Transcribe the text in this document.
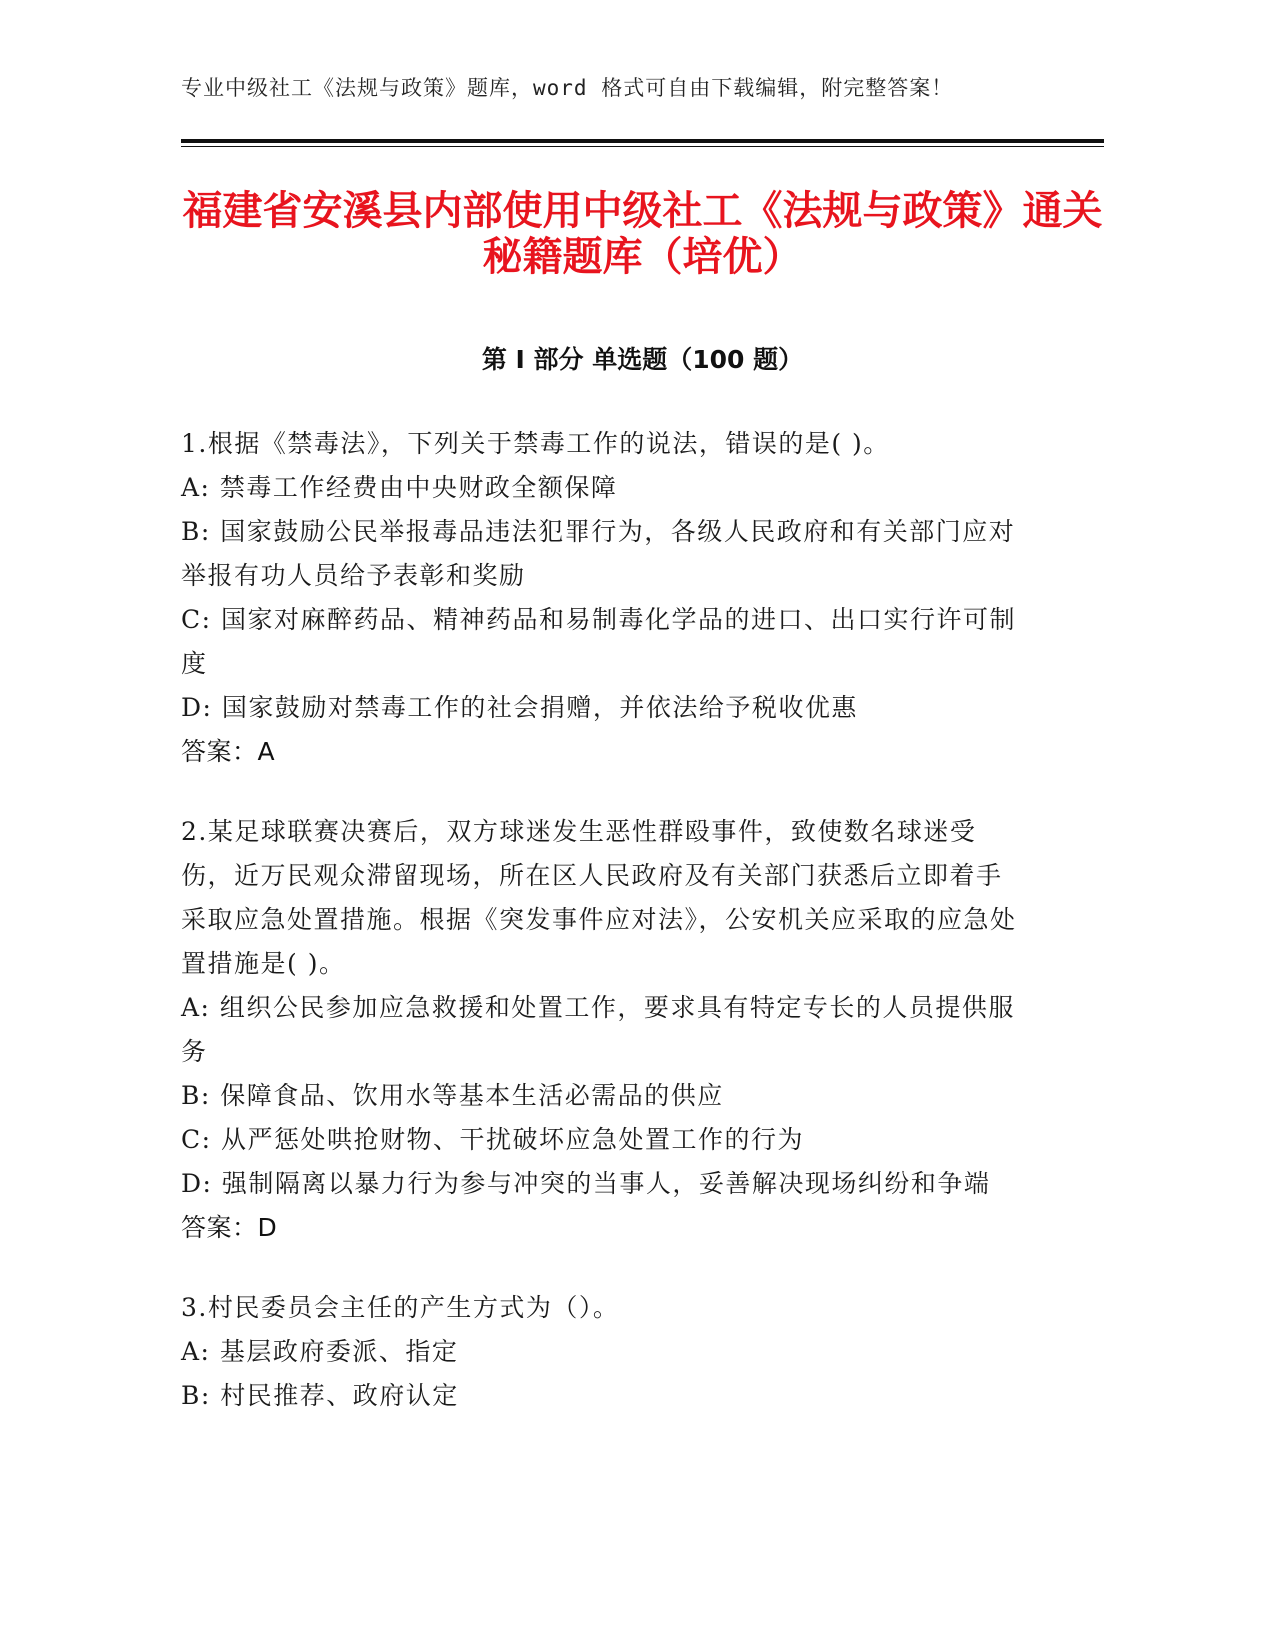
专业中级社工《法规与政策》题库，word 格式可自由下载编辑，附完整答案！
福建省安溪县内部使用中级社工《法规与政策》通关秘籍题库（培优）
第 I 部分 单选题（100 题）

1.根据《禁毒法》，下列关于禁毒工作的说法，错误的是( )。

A: 禁毒工作经费由中央财政全额保障

B: 国家鼓励公民举报毒品违法犯罪行为，各级人民政府和有关部门应对举报有功人员给予表彰和奖励

C: 国家对麻醉药品、精神药品和易制毒化学品的进口、出口实行许可制度

D: 国家鼓励对禁毒工作的社会捐赠，并依法给予税收优惠

答案：A

2.某足球联赛决赛后，双方球迷发生恶性群殴事件，致使数名球迷受伤，近万民观众滞留现场，所在区人民政府及有关部门获悉后立即着手采取应急处置措施。根据《突发事件应对法》，公安机关应采取的应急处置措施是( )。

A: 组织公民参加应急救援和处置工作，要求具有特定专长的人员提供服务

B: 保障食品、饮用水等基本生活必需品的供应

C: 从严惩处哄抢财物、干扰破坏应急处置工作的行为

D: 强制隔离以暴力行为参与冲突的当事人，妥善解决现场纠纷和争端

答案：D

3.村民委员会主任的产生方式为（）。

A: 基层政府委派、指定

B: 村民推荐、政府认定
